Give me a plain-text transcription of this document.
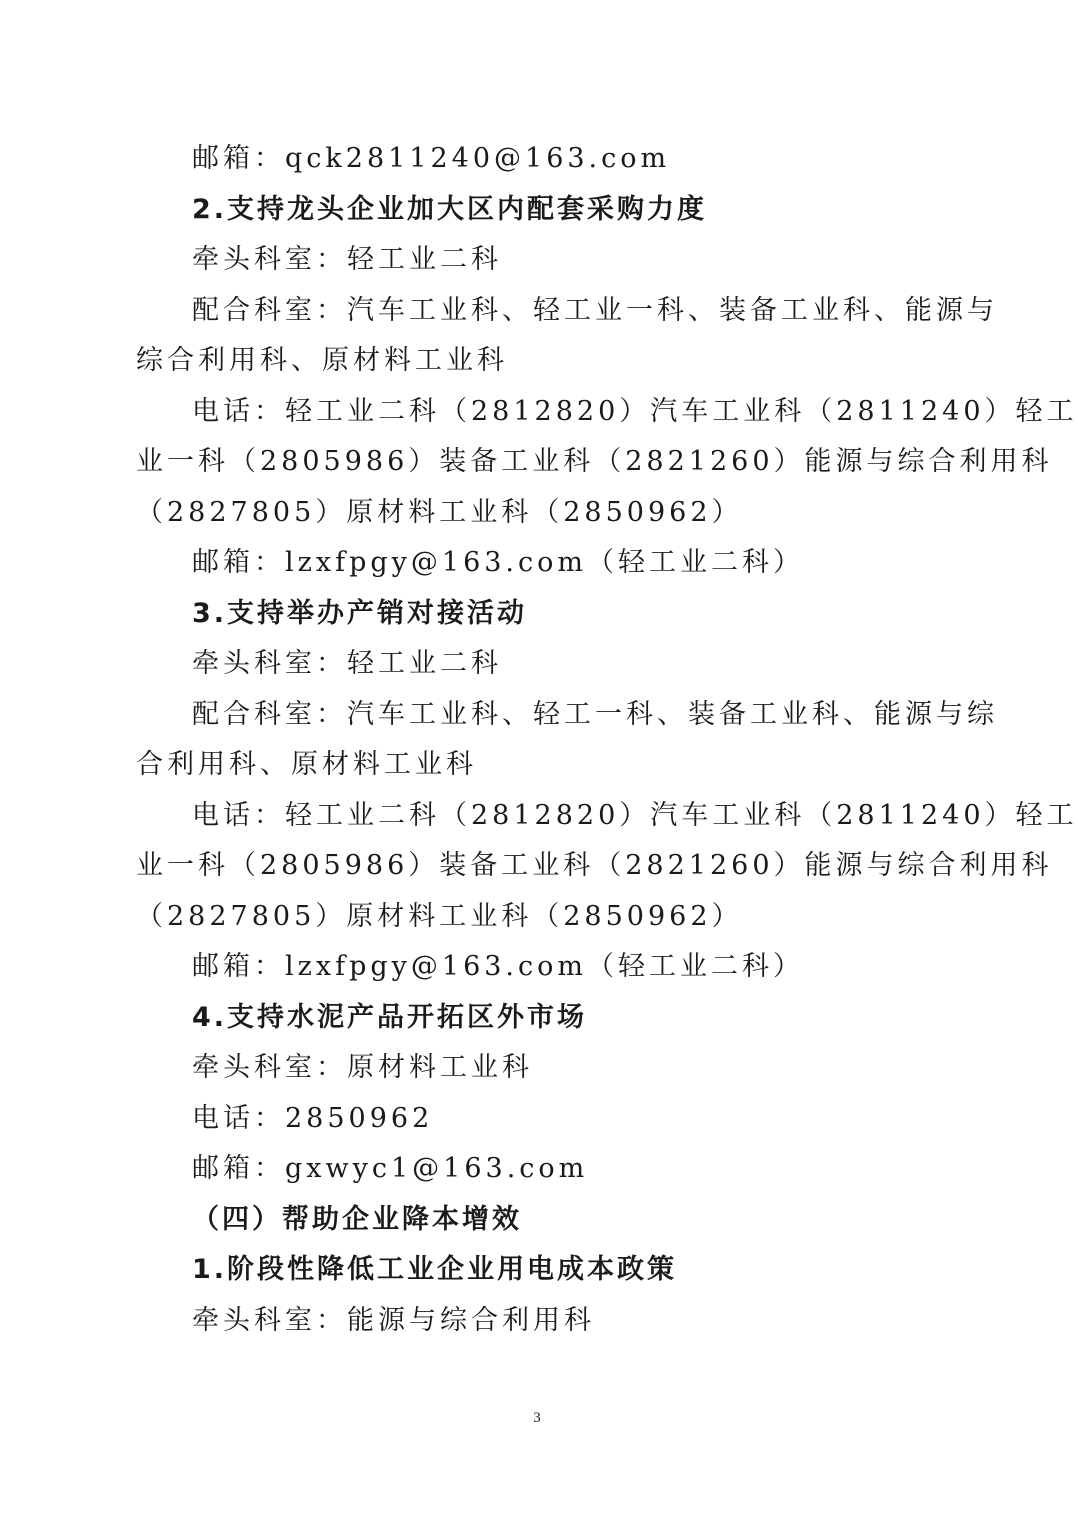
邮箱：qck2811240@163.com
2.支持龙头企业加大区内配套采购力度
牵头科室：轻工业二科
配合科室：汽车工业科、轻工业一科、装备工业科、能源与
综合利用科、原材料工业科
电话：轻工业二科（2812820）汽车工业科（2811240）轻工
业一科（2805986）装备工业科（2821260）能源与综合利用科
（2827805）原材料工业科（2850962）
邮箱：lzxfpgy@163.com（轻工业二科）
3.支持举办产销对接活动
牵头科室：轻工业二科
配合科室：汽车工业科、轻工一科、装备工业科、能源与综
合利用科、原材料工业科
电话：轻工业二科（2812820）汽车工业科（2811240）轻工
业一科（2805986）装备工业科（2821260）能源与综合利用科
（2827805）原材料工业科（2850962）
邮箱：lzxfpgy@163.com（轻工业二科）
4.支持水泥产品开拓区外市场
牵头科室：原材料工业科
电话：2850962
邮箱：gxwyc1@163.com
（四）帮助企业降本增效
1.阶段性降低工业企业用电成本政策
牵头科室：能源与综合利用科
3
